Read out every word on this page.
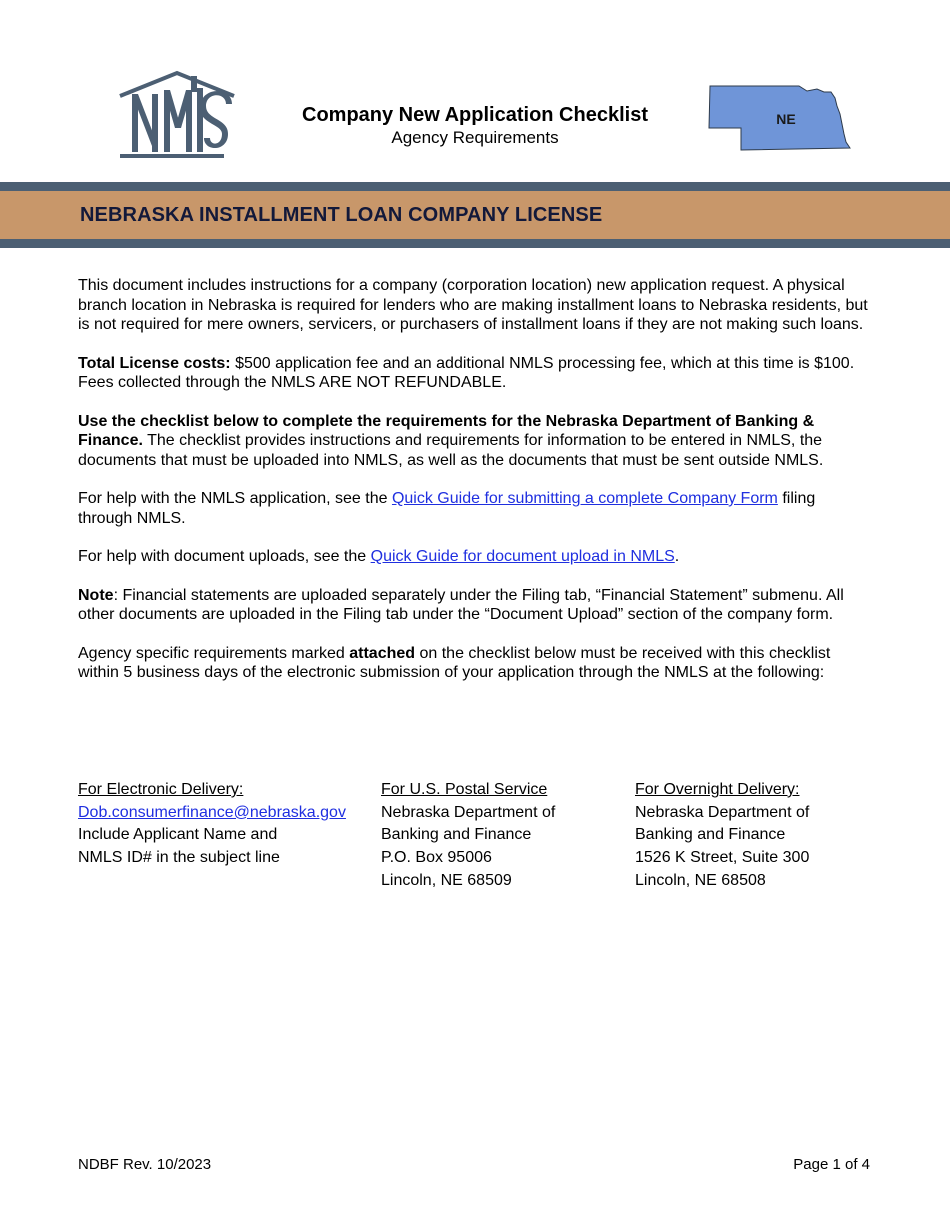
Company New Application Checklist
Agency Requirements
NE
NEBRASKA INSTALLMENT LOAN COMPANY LICENSE

This document includes instructions for a company (corporation location) new application request. A physical branch location in Nebraska is required for lenders who are making installment loans to Nebraska residents, but is not required for mere owners, servicers, or purchasers of installment loans if they are not making such loans.

Total License costs: $500 application fee and an additional NMLS processing fee, which at this time is $100. Fees collected through the NMLS ARE NOT REFUNDABLE.

Use the checklist below to complete the requirements for the Nebraska Department of Banking & Finance. The checklist provides instructions and requirements for information to be entered in NMLS, the documents that must be uploaded into NMLS, as well as the documents that must be sent outside NMLS.

For help with the NMLS application, see the Quick Guide for submitting a complete Company Form filing through NMLS.

For help with document uploads, see the Quick Guide for document upload in NMLS.

Note: Financial statements are uploaded separately under the Filing tab, “Financial Statement” submenu. All other documents are uploaded in the Filing tab under the “Document Upload” section of the company form.

Agency specific requirements marked attached on the checklist below must be received with this checklist within 5 business days of the electronic submission of your application through the NMLS at the following:

For Electronic Delivery:
Dob.consumerfinance@nebraska.gov
Include Applicant Name and
NMLS ID# in the subject line
For U.S. Postal Service
Nebraska Department of
Banking and Finance
P.O. Box 95006
Lincoln, NE 68509
For Overnight Delivery:
Nebraska Department of
Banking and Finance
1526 K Street, Suite 300
Lincoln, NE 68508
NDBF Rev. 10/2023	Page 1 of 4
